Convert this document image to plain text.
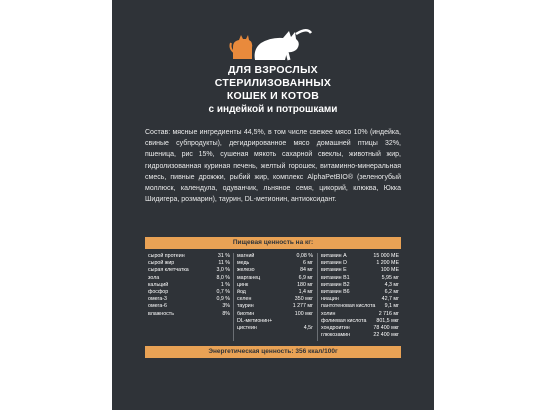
ДЛЯ ВЗРОСЛЫХ
СТЕРИЛИЗОВАННЫХ
КОШЕК И КОТОВ
с индейкой и потрошками
Состав: мясные ингредиенты 44,5%, в том числе свежее мясо 10% (индейка, свиные субпродукты), дегидрированное мясо домашней птицы 32%, пшеница, рис 15%, сушеная мякоть сахарной свеклы, животный жир, гидролизованная куриная печень, желтый горошек, витаминно-минеральная смесь, пивные дрожжи, рыбий жир, комплекс AlphaPetBIO® (зеленогубый моллюск, календула, одуванчик, льняное семя, цикорий, клюква, Юкка Шидигера, розмарин), таурин, DL-метионин, антиоксидант.
Пищевая ценность на кг:
сырой протеин	31 %
сырой жир	11 %
сырая клетчатка	3,0 %
зола	8,0 %
кальций	1 %
фосфор	0,7 %
омега-3	0,9 %
омега-6	3%
влажность	8%
магний	0,08 %
медь	6 мг
железо	84 мг
марганец	6,9 мг
цинк	180 мг
йод	1,4 мг
селен	350 мкг
таурин	1 277 мг
биотин	100 мкг
DL-метионин+
цистеин	4,5г
витамин А	15 000 МЕ
витамин D	1 200 МЕ
витамин Е	100 МЕ
витамин В1	5,95 мг
витамин В2	4,3 мг
витамин В6	6,2 мг
ниацин	42,7 мг
пантотеновая кислота	9,1 мг
холин	2 716 мг
фолиевая кислота	801,5 мкг
хондроитин	78 400 мкг
глюкозамин	22 400 мкг
Энергетическая ценность: 356 ккал/100г
